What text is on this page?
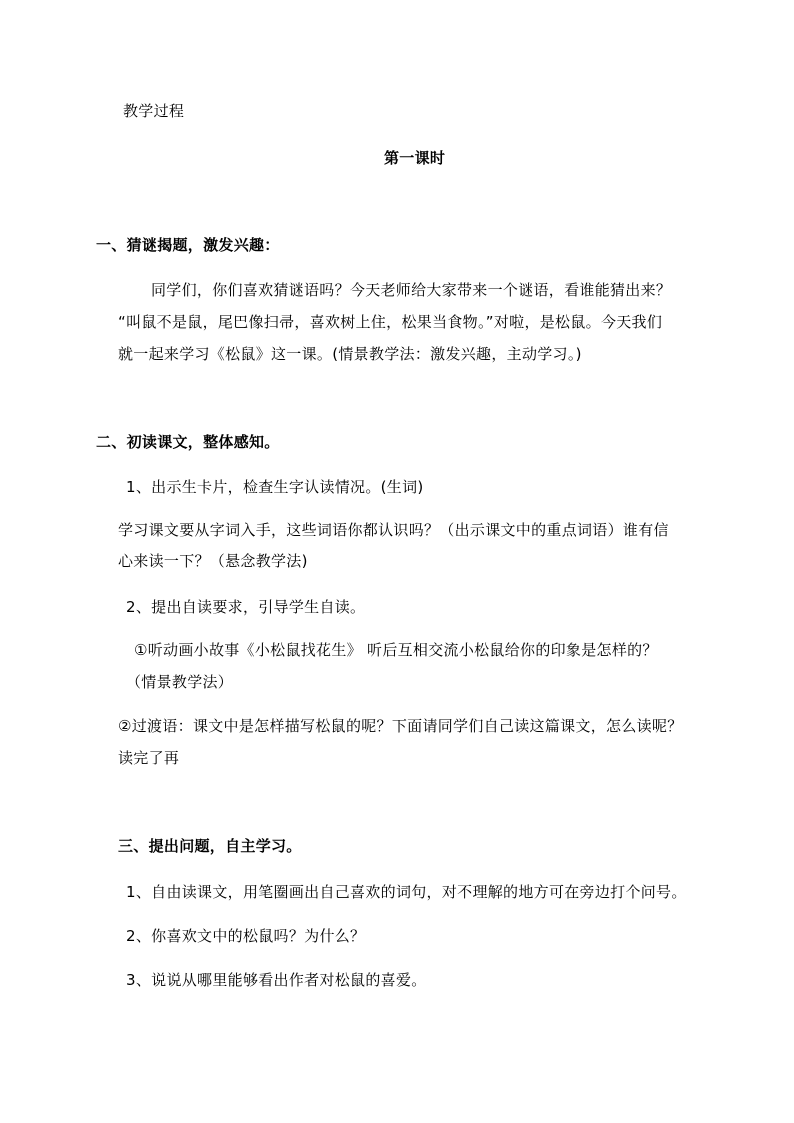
教学过程
第一课时
一、猜谜揭题，激发兴趣：
同学们，你们喜欢猜谜语吗？今天老师给大家带来一个谜语，看谁能猜出来？
“叫鼠不是鼠，尾巴像扫帚，喜欢树上住，松果当食物。”对啦，是松鼠。今天我们
就一起来学习《松鼠》这一课。(情景教学法：激发兴趣，主动学习。)
二、初读课文，整体感知。
1、出示生卡片，检查生字认读情况。(生词)
学习课文要从字词入手，这些词语你都认识吗？（出示课文中的重点词语）谁有信
心来读一下？（悬念教学法)
2、提出自读要求，引导学生自读。
①听动画小故事《小松鼠找花生》 听后互相交流小松鼠给你的印象是怎样的？
（情景教学法）
②过渡语：课文中是怎样描写松鼠的呢？下面请同学们自己读这篇课文，怎么读呢？
读完了再
三、提出问题，自主学习。
1、自由读课文，用笔圈画出自己喜欢的词句，对不理解的地方可在旁边打个问号。
2、你喜欢文中的松鼠吗？为什么？
3、说说从哪里能够看出作者对松鼠的喜爱。
